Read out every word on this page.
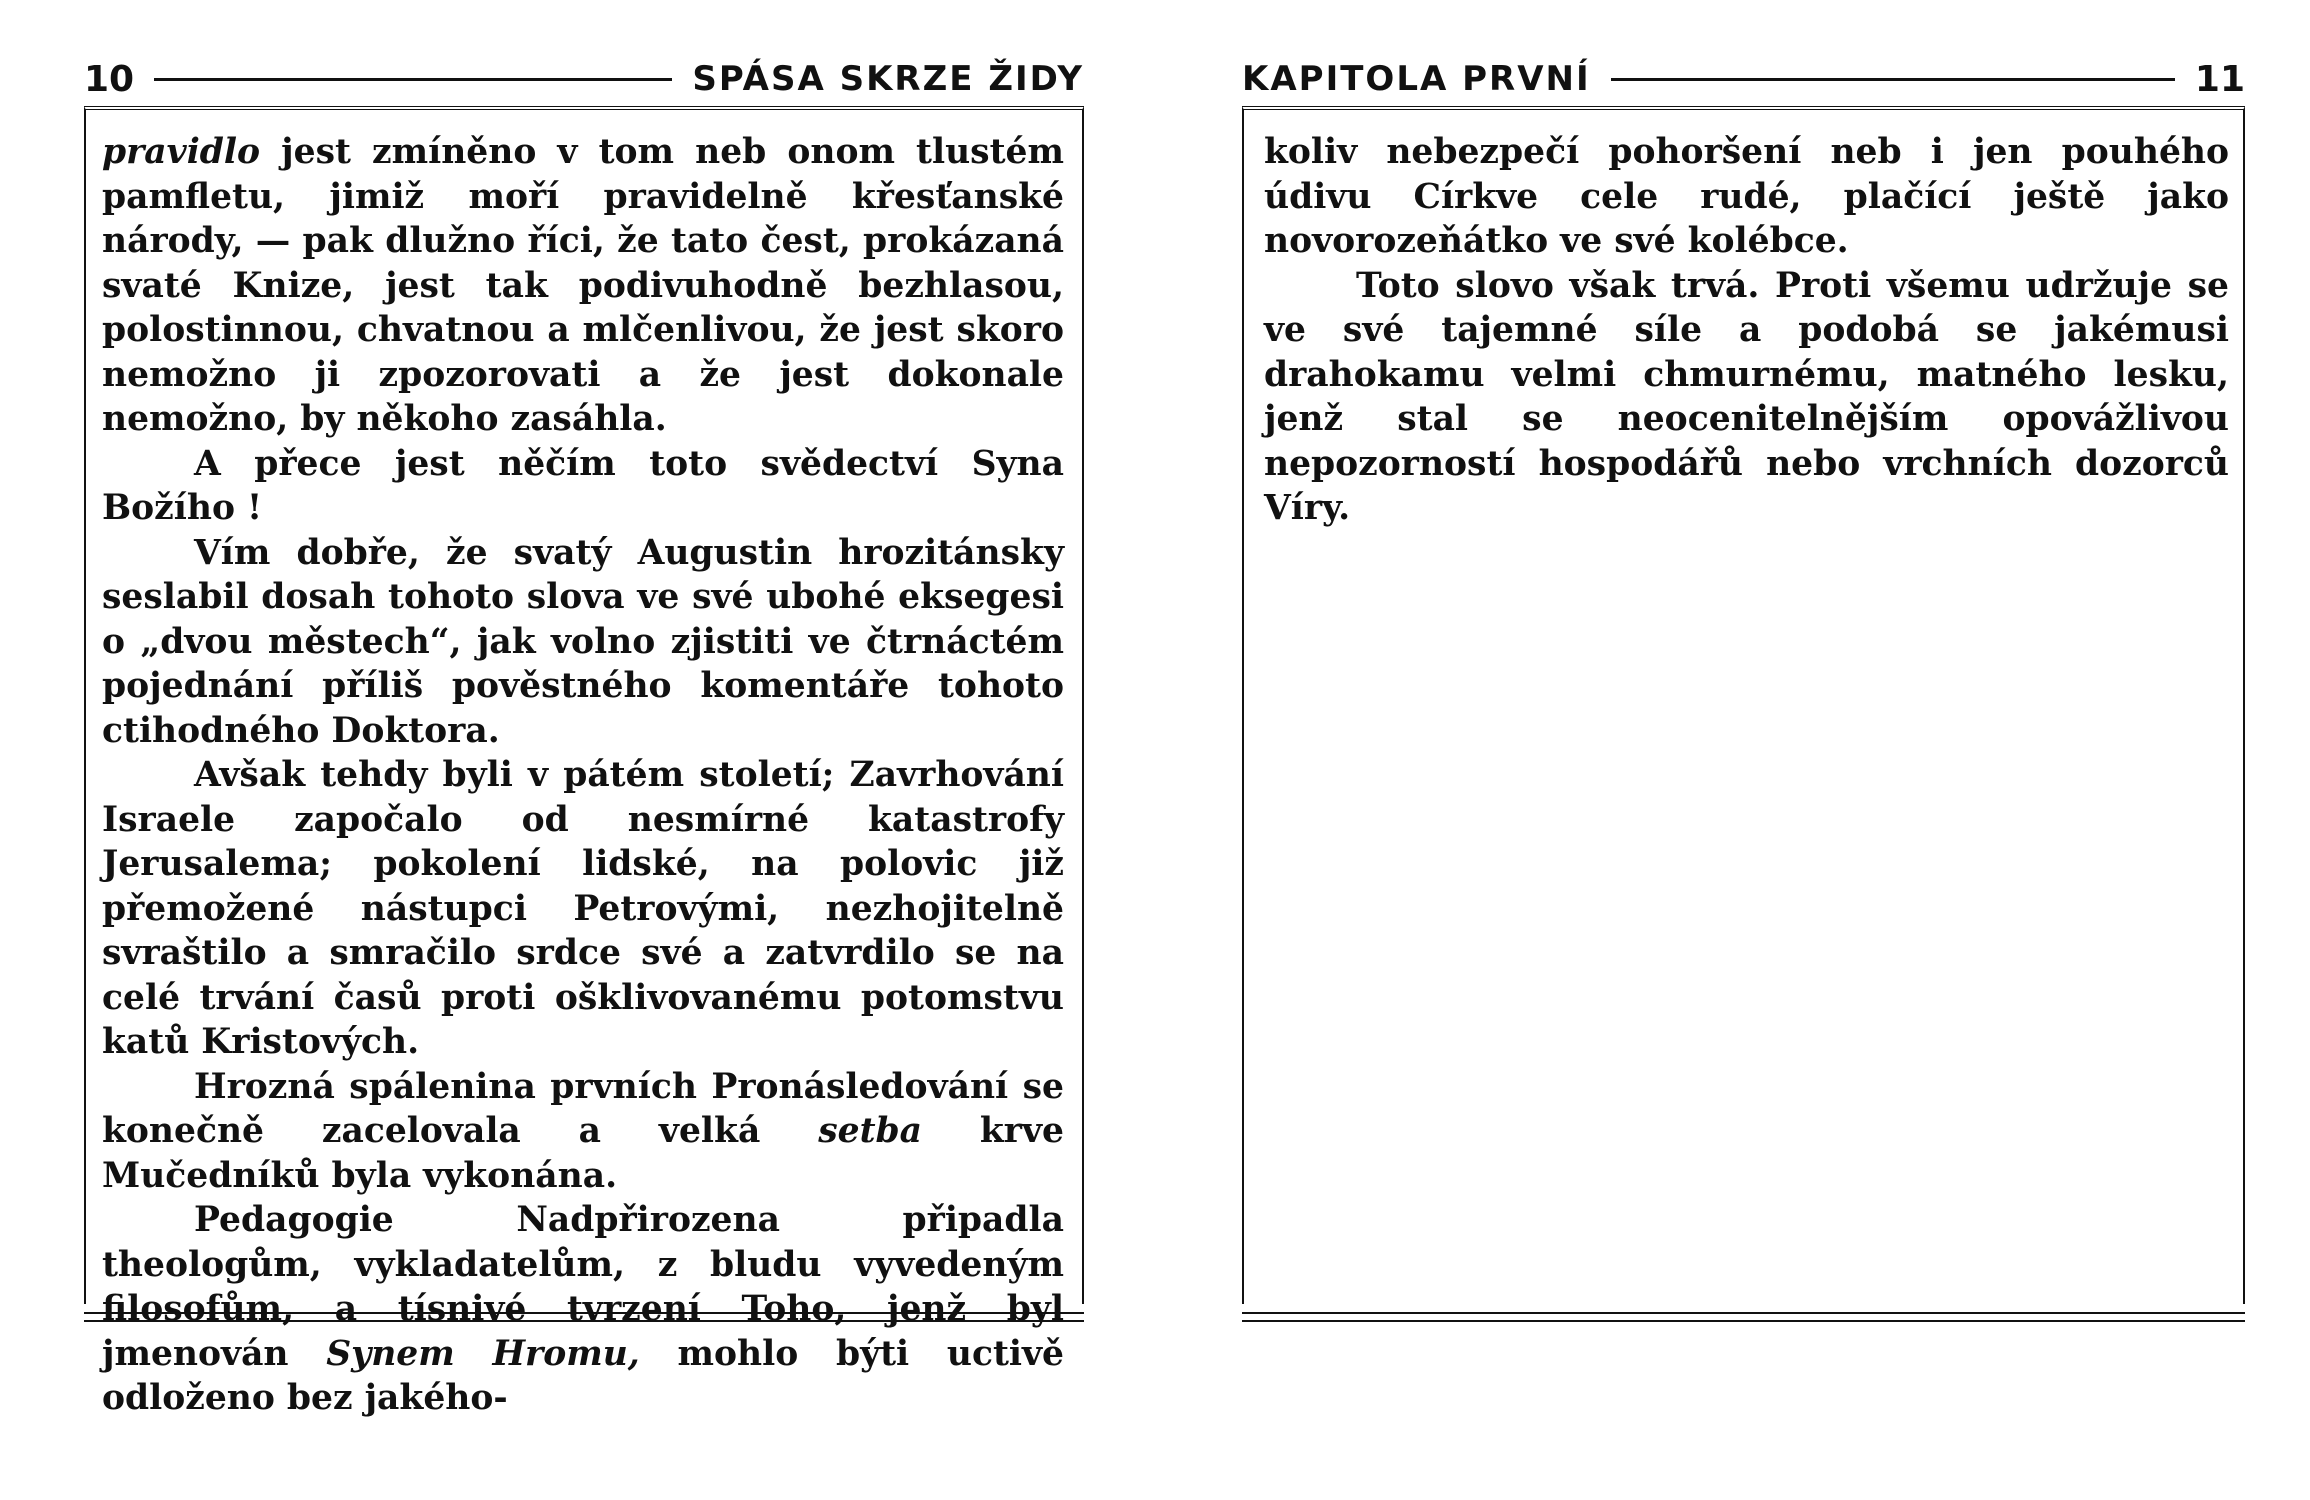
10	SPÁSA SKRZE ŽIDY

pravidlo jest zmíněno v tom neb onom tlustém pamfletu, jimiž moří pravidelně křesťanské národy, — pak dlužno říci, že tato čest, prokázaná svaté Knize, jest tak podivuhodně bezhlasou, polostinnou, chvatnou a mlčenlivou, že jest skoro nemožno ji zpozorovati a že jest dokonale nemožno, by někoho zasáhla.

A přece jest něčím toto svědectví Syna Božího !

Vím dobře, že svatý Augustin hrozitánsky seslabil dosah tohoto slova ve své ubohé eksegesi o „dvou městech“, jak volno zjistiti ve čtrnáctém pojednání příliš pověstného komentáře tohoto ctihodného Doktora.

Avšak tehdy byli v pátém století; Zavrhování Israele započalo od nesmírné katastrofy Jerusalema; pokolení lidské, na polovic již přemožené nástupci Petrovými, nezhojitelně svraštilo a smračilo srdce své a zatvrdilo se na celé trvání časů proti ošklivovanému potomstvu katů Kristových.

Hrozná spálenina prvních Pronásledování se konečně zacelovala a velká setba krve Mučedníků byla vykonána.

Pedagogie Nadpřirozena připadla theologům, vykladatelům, z bludu vyvedeným filosofům, a tísnivé tvrzení Toho, jenž byl jmenován Synem Hromu, mohlo býti uctivě odloženo bez jakého-

KAPITOLA PRVNÍ	11

koliv nebezpečí pohoršení neb i jen pouhého údivu Církve cele rudé, plačící ještě jako novorozeňátko ve své kolébce.

Toto slovo však trvá. Proti všemu udržuje se ve své tajemné síle a podobá se jakémusi drahokamu velmi chmurnému, matného lesku, jenž stal se neocenitelnějším opovážlivou nepozorností hospodářů nebo vrchních dozorců Víry.
